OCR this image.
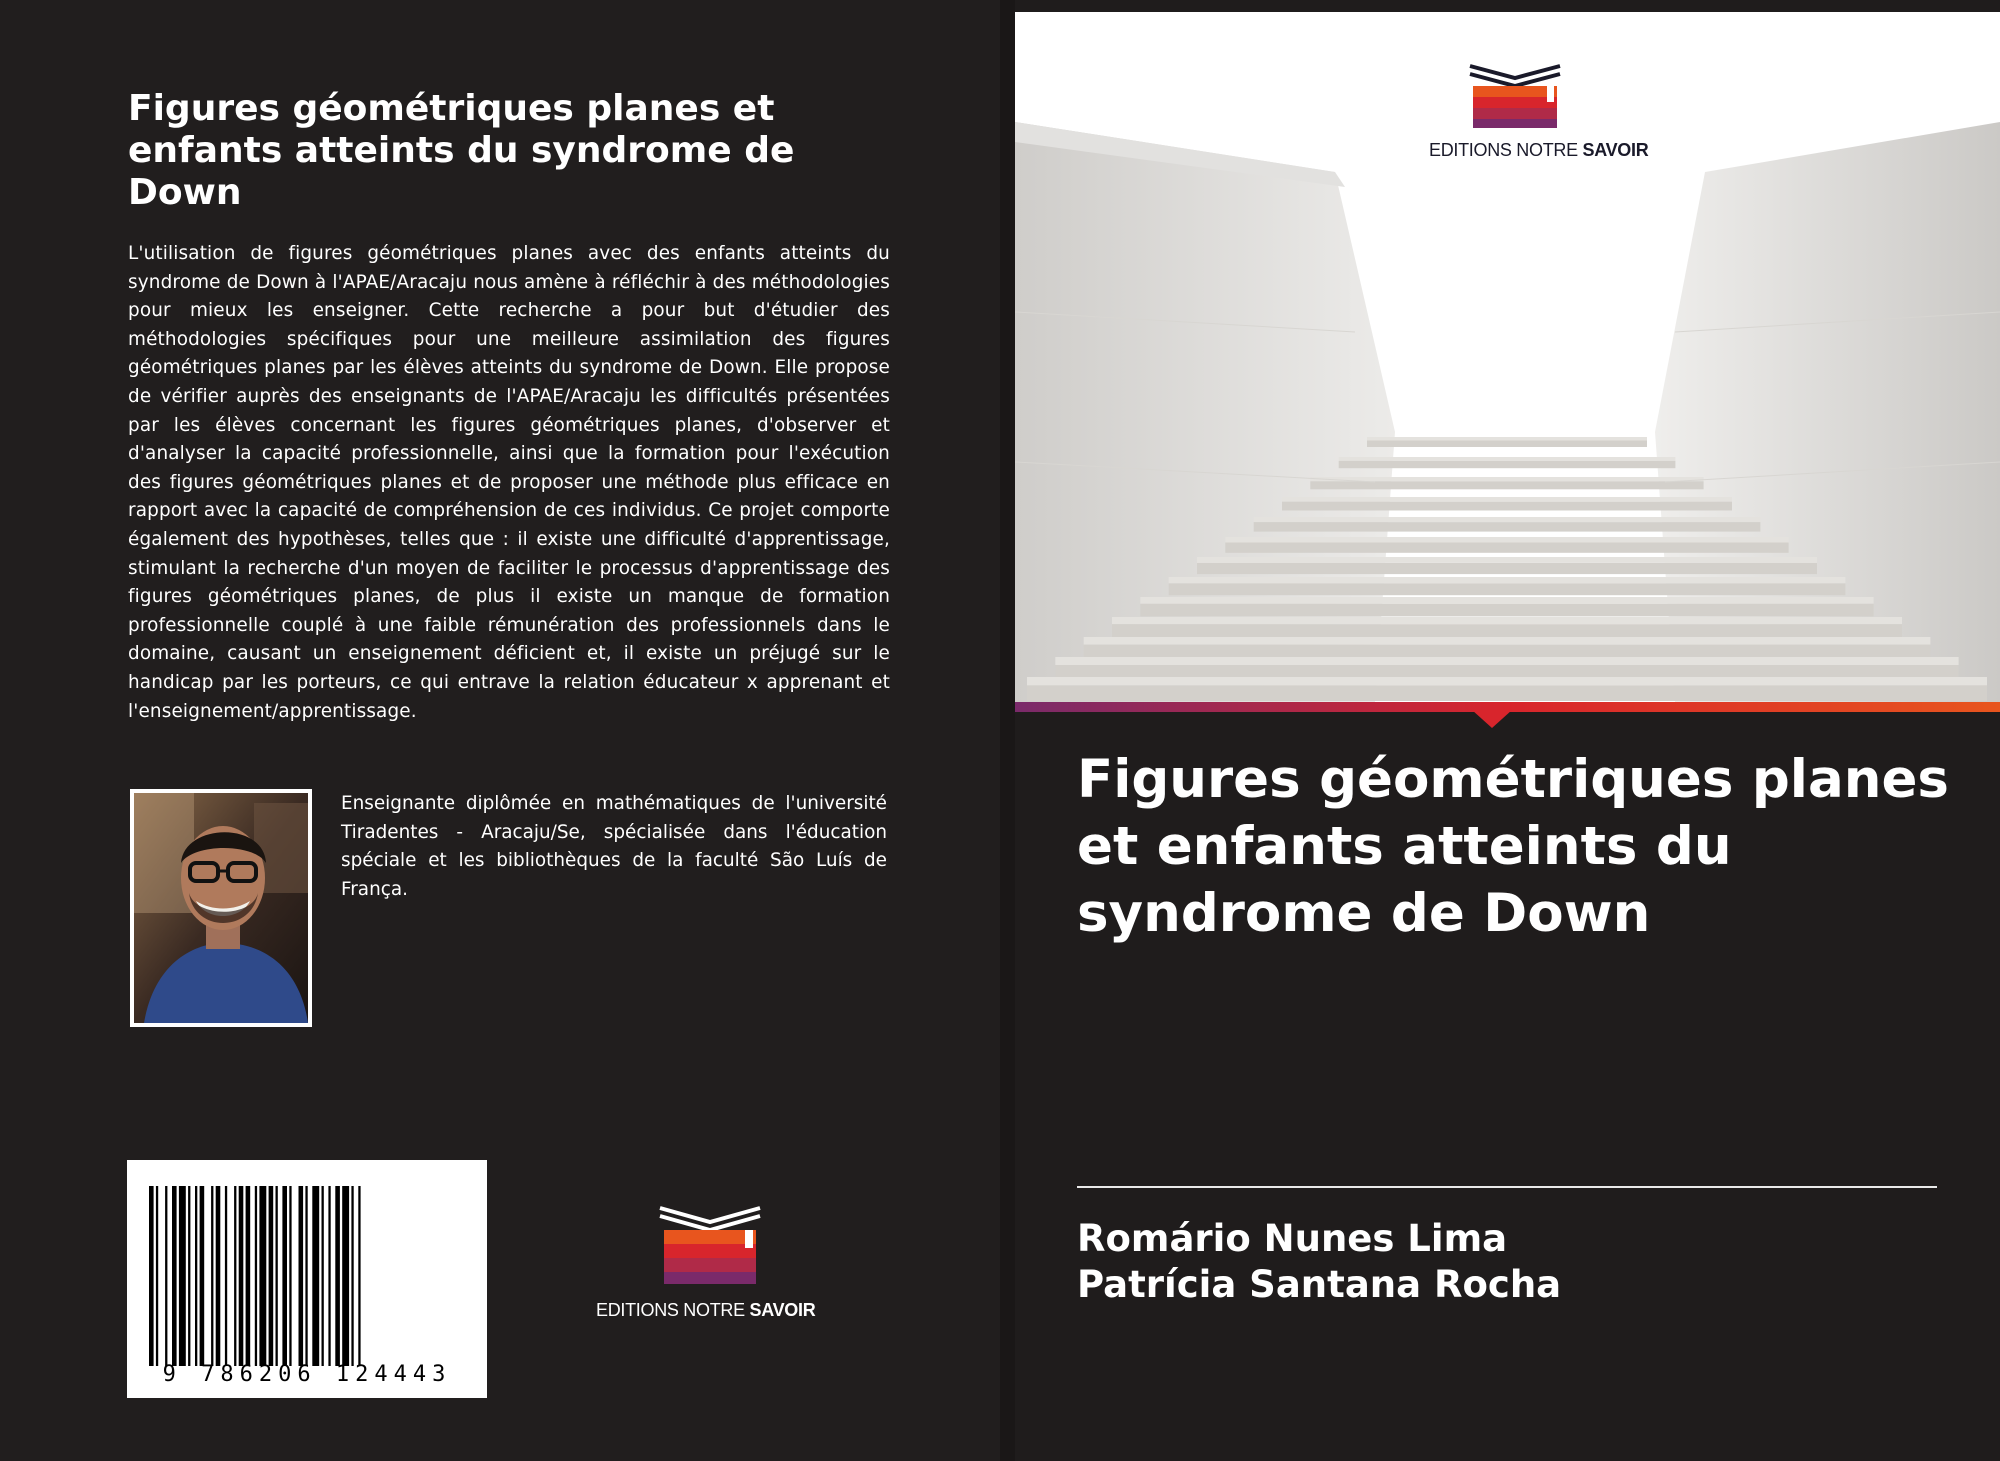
Figures géométriques planes et enfants atteints du syndrome de Down

L'utilisation de figures géométriques planes avec des enfants atteints du syndrome de Down à l'APAE/Aracaju nous amène à réfléchir à des méthodologies pour mieux les enseigner. Cette recherche a pour but d'étudier des méthodologies spécifiques pour une meilleure assimilation des figures géométriques planes par les élèves atteints du syndrome de Down. Elle propose de vérifier auprès des enseignants de l'APAE/Aracaju les difficultés présentées par les élèves concernant les figures géométriques planes, d'observer et d'analyser la capacité professionnelle, ainsi que la formation pour l'exécution des figures géométriques planes et de proposer une méthode plus efficace en rapport avec la capacité de compréhension de ces individus. Ce projet comporte également des hypothèses, telles que : il existe une difficulté d'apprentissage, stimulant la recherche d'un moyen de faciliter le processus d'apprentissage des figures géométriques planes, de plus il existe un manque de formation professionnelle couplé à une faible rémunération des professionnels dans le domaine, causant un enseignement déficient et, il existe un préjugé sur le handicap par les porteurs, ce qui entrave la relation éducateur x apprenant et l'enseignement/apprentissage.

Enseignante diplômée en mathématiques de l'université Tiradentes - Aracaju/Se, spécialisée dans l'éducation spéciale et les bibliothèques de la faculté São Luís de França.

9 786206 124443
EDITIONS NOTRE SAVOIR
EDITIONS NOTRE SAVOIR
Figures géométriques planes et enfants atteints du syndrome de Down
Romário Nunes Lima
Patrícia Santana Rocha
